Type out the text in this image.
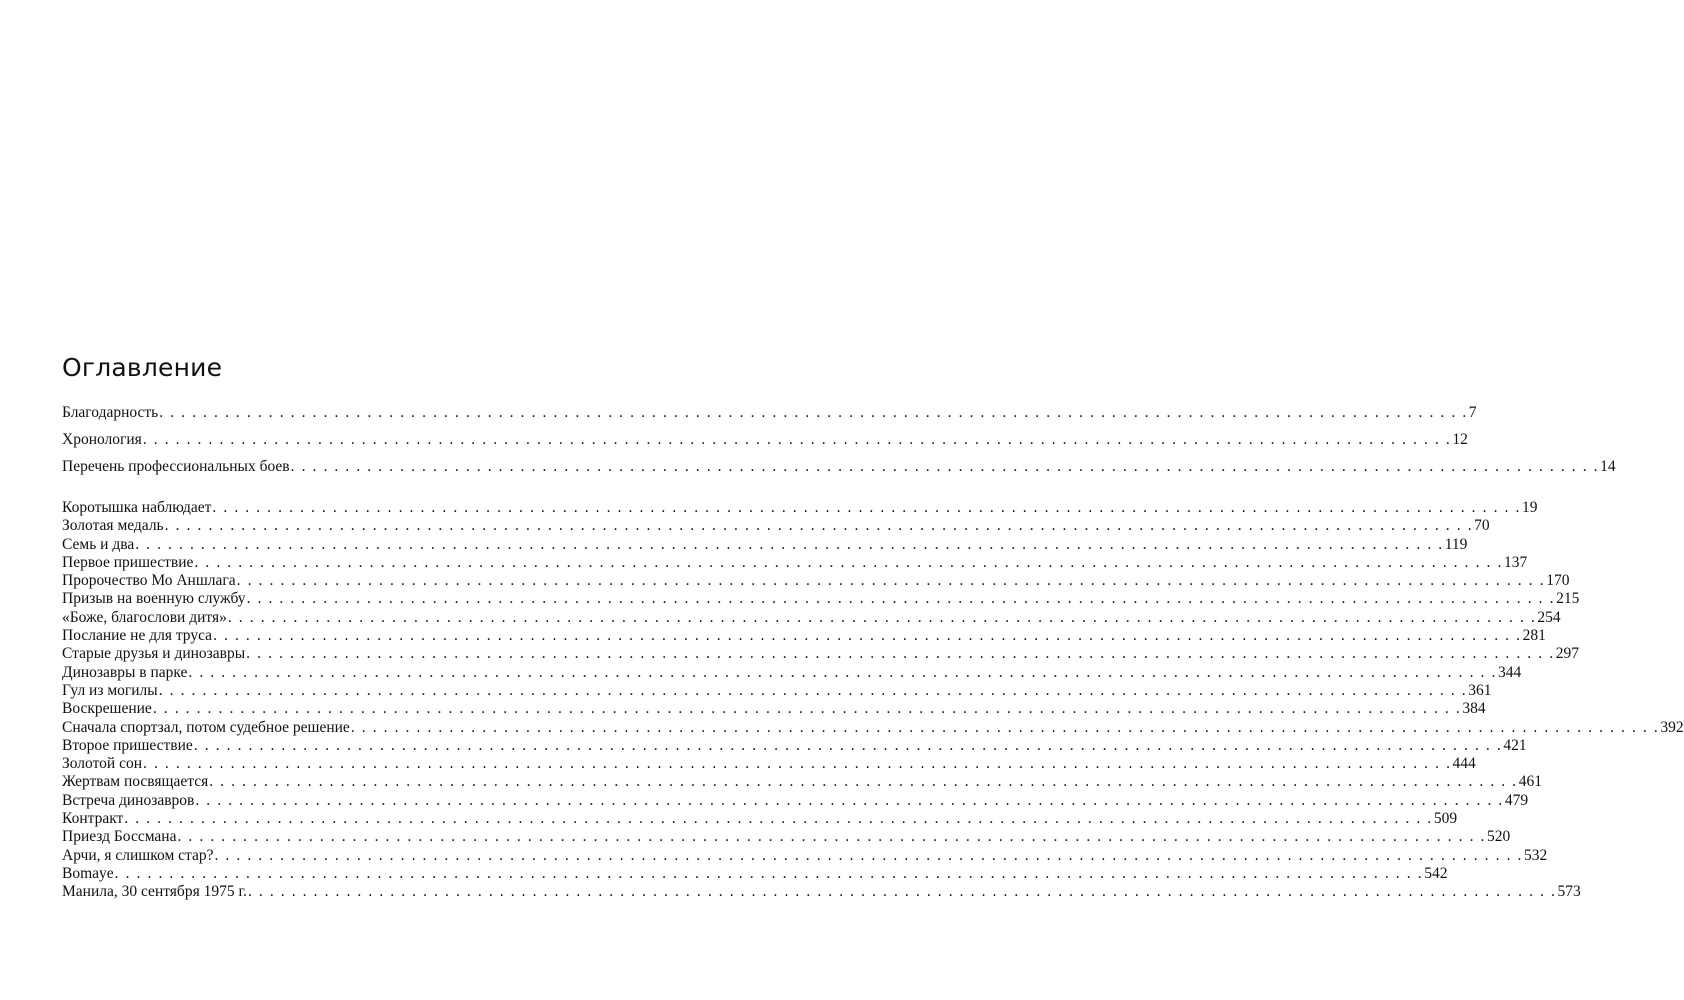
Оглавление
Благодарность . . . . . . . . . . . . . . . . . . . . . . . . . . . . . . . . . . . . . . . . . . . . . . . . . . . . . . . . . . . . . . . . . . . . . . . . . . . . . . . . . . . . . . . . . . . . . . . . . . . . . . . . . . . . . . . . . . . . . . . . 7
Хронология . . . . . . . . . . . . . . . . . . . . . . . . . . . . . . . . . . . . . . . . . . . . . . . . . . . . . . . . . . . . . . . . . . . . . . . . . . . . . . . . . . . . . . . . . . . . . . . . . . . . . . . . . . . . . . . . . . . . . . . . 12
Перечень профессиональных боев . . . . . . . . . . . . . . . . . . . . . . . . . . . . . . . . . . . . . . . . . . . . . . . . . . . . . . . . . . . . . . . . . . . . . . . . . . . . . . . . . . . . . . . . . . . . . . . . . . . . . . . . . . . . . . . . . . . . . . . . 14
Коротышка наблюдает . . . . . . . . . . . . . . . . . . . . . . . . . . . . . . . . . . . . . . . . . . . . . . . . . . . . . . . . . . . . . . . . . . . . . . . . . . . . . . . . . . . . . . . . . . . . . . . . . . . . . . . . . . . . . . . . . . . . . . . . 19
Золотая медаль . . . . . . . . . . . . . . . . . . . . . . . . . . . . . . . . . . . . . . . . . . . . . . . . . . . . . . . . . . . . . . . . . . . . . . . . . . . . . . . . . . . . . . . . . . . . . . . . . . . . . . . . . . . . . . . . . . . . . . . . 70
Семь и два . . . . . . . . . . . . . . . . . . . . . . . . . . . . . . . . . . . . . . . . . . . . . . . . . . . . . . . . . . . . . . . . . . . . . . . . . . . . . . . . . . . . . . . . . . . . . . . . . . . . . . . . . . . . . . . . . . . . . . . . 119
Первое пришествие . . . . . . . . . . . . . . . . . . . . . . . . . . . . . . . . . . . . . . . . . . . . . . . . . . . . . . . . . . . . . . . . . . . . . . . . . . . . . . . . . . . . . . . . . . . . . . . . . . . . . . . . . . . . . . . . . . . . . . . . 137
Пророчество Мо Аншлага . . . . . . . . . . . . . . . . . . . . . . . . . . . . . . . . . . . . . . . . . . . . . . . . . . . . . . . . . . . . . . . . . . . . . . . . . . . . . . . . . . . . . . . . . . . . . . . . . . . . . . . . . . . . . . . . . . . . . . . . 170
Призыв на военную службу . . . . . . . . . . . . . . . . . . . . . . . . . . . . . . . . . . . . . . . . . . . . . . . . . . . . . . . . . . . . . . . . . . . . . . . . . . . . . . . . . . . . . . . . . . . . . . . . . . . . . . . . . . . . . . . . . . . . . . . . 215
«Боже, благослови дитя» . . . . . . . . . . . . . . . . . . . . . . . . . . . . . . . . . . . . . . . . . . . . . . . . . . . . . . . . . . . . . . . . . . . . . . . . . . . . . . . . . . . . . . . . . . . . . . . . . . . . . . . . . . . . . . . . . . . . . . . . 254
Послание не для труса . . . . . . . . . . . . . . . . . . . . . . . . . . . . . . . . . . . . . . . . . . . . . . . . . . . . . . . . . . . . . . . . . . . . . . . . . . . . . . . . . . . . . . . . . . . . . . . . . . . . . . . . . . . . . . . . . . . . . . . . 281
Старые друзья и динозавры . . . . . . . . . . . . . . . . . . . . . . . . . . . . . . . . . . . . . . . . . . . . . . . . . . . . . . . . . . . . . . . . . . . . . . . . . . . . . . . . . . . . . . . . . . . . . . . . . . . . . . . . . . . . . . . . . . . . . . . . 297
Динозавры в парке . . . . . . . . . . . . . . . . . . . . . . . . . . . . . . . . . . . . . . . . . . . . . . . . . . . . . . . . . . . . . . . . . . . . . . . . . . . . . . . . . . . . . . . . . . . . . . . . . . . . . . . . . . . . . . . . . . . . . . . . 344
Гул из могилы . . . . . . . . . . . . . . . . . . . . . . . . . . . . . . . . . . . . . . . . . . . . . . . . . . . . . . . . . . . . . . . . . . . . . . . . . . . . . . . . . . . . . . . . . . . . . . . . . . . . . . . . . . . . . . . . . . . . . . . . 361
Воскрешение . . . . . . . . . . . . . . . . . . . . . . . . . . . . . . . . . . . . . . . . . . . . . . . . . . . . . . . . . . . . . . . . . . . . . . . . . . . . . . . . . . . . . . . . . . . . . . . . . . . . . . . . . . . . . . . . . . . . . . . . 384
Сначала спортзал, потом судебное решение . . . . . . . . . . . . . . . . . . . . . . . . . . . . . . . . . . . . . . . . . . . . . . . . . . . . . . . . . . . . . . . . . . . . . . . . . . . . . . . . . . . . . . . . . . . . . . . . . . . . . . . . . . . . . . . . . . . . . . . . 392
Второе пришествие . . . . . . . . . . . . . . . . . . . . . . . . . . . . . . . . . . . . . . . . . . . . . . . . . . . . . . . . . . . . . . . . . . . . . . . . . . . . . . . . . . . . . . . . . . . . . . . . . . . . . . . . . . . . . . . . . . . . . . . . 421
Золотой сон . . . . . . . . . . . . . . . . . . . . . . . . . . . . . . . . . . . . . . . . . . . . . . . . . . . . . . . . . . . . . . . . . . . . . . . . . . . . . . . . . . . . . . . . . . . . . . . . . . . . . . . . . . . . . . . . . . . . . . . . 444
Жертвам посвящается . . . . . . . . . . . . . . . . . . . . . . . . . . . . . . . . . . . . . . . . . . . . . . . . . . . . . . . . . . . . . . . . . . . . . . . . . . . . . . . . . . . . . . . . . . . . . . . . . . . . . . . . . . . . . . . . . . . . . . . . 461
Встреча динозавров . . . . . . . . . . . . . . . . . . . . . . . . . . . . . . . . . . . . . . . . . . . . . . . . . . . . . . . . . . . . . . . . . . . . . . . . . . . . . . . . . . . . . . . . . . . . . . . . . . . . . . . . . . . . . . . . . . . . . . . . 479
Контракт . . . . . . . . . . . . . . . . . . . . . . . . . . . . . . . . . . . . . . . . . . . . . . . . . . . . . . . . . . . . . . . . . . . . . . . . . . . . . . . . . . . . . . . . . . . . . . . . . . . . . . . . . . . . . . . . . . . . . . . . 509
Приезд Боссмана . . . . . . . . . . . . . . . . . . . . . . . . . . . . . . . . . . . . . . . . . . . . . . . . . . . . . . . . . . . . . . . . . . . . . . . . . . . . . . . . . . . . . . . . . . . . . . . . . . . . . . . . . . . . . . . . . . . . . . . . 520
Арчи, я слишком стар? . . . . . . . . . . . . . . . . . . . . . . . . . . . . . . . . . . . . . . . . . . . . . . . . . . . . . . . . . . . . . . . . . . . . . . . . . . . . . . . . . . . . . . . . . . . . . . . . . . . . . . . . . . . . . . . . . . . . . . . . 532
Bomaye . . . . . . . . . . . . . . . . . . . . . . . . . . . . . . . . . . . . . . . . . . . . . . . . . . . . . . . . . . . . . . . . . . . . . . . . . . . . . . . . . . . . . . . . . . . . . . . . . . . . . . . . . . . . . . . . . . . . . . . . 542
Манила, 30 сентября 1975 г. . . . . . . . . . . . . . . . . . . . . . . . . . . . . . . . . . . . . . . . . . . . . . . . . . . . . . . . . . . . . . . . . . . . . . . . . . . . . . . . . . . . . . . . . . . . . . . . . . . . . . . . . . . . . . . . . . . . . . . . . 573
